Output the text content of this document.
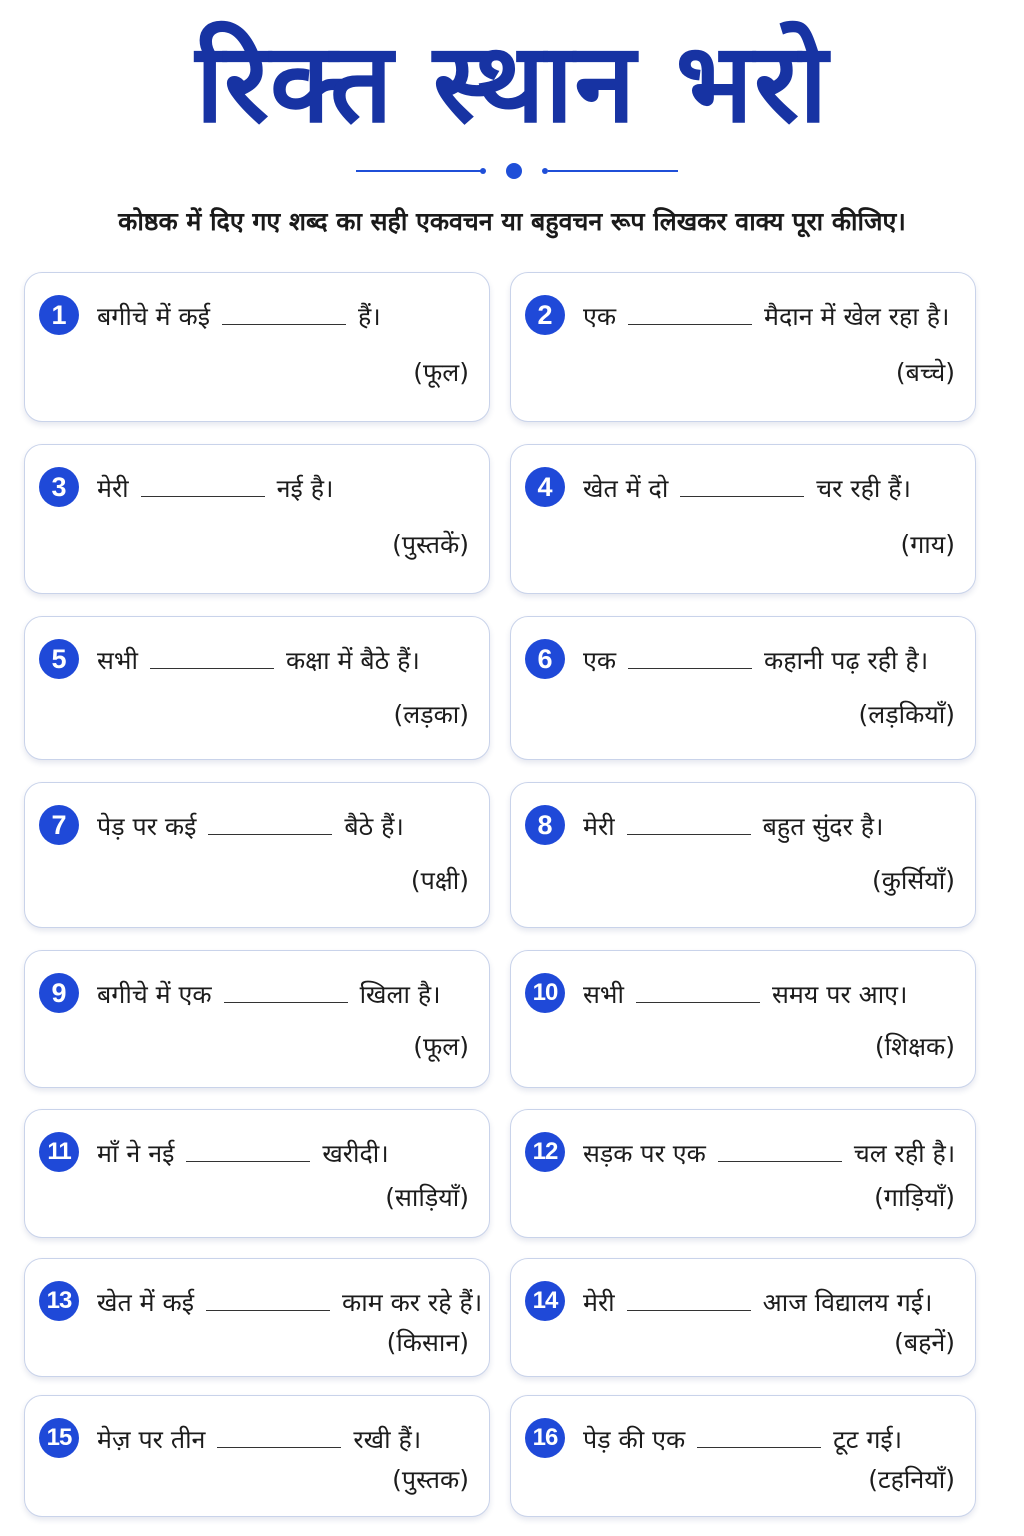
रिक्त स्थान भरो
कोष्ठक में दिए गए शब्द का सही एकवचन या बहुवचन रूप लिखकर वाक्य पूरा कीजिए।
1	बगीचे में कई	हैं।
(फूल)
2	एक	मैदान में खेल रहा है।
(बच्चे)
3	मेरी	नई है।
(पुस्तकें)
4	खेत में दो	चर रही हैं।
(गाय)
5	सभी	कक्षा में बैठे हैं।
(लड़का)
6	एक	कहानी पढ़ रही है।
(लड़कियाँ)
7	पेड़ पर कई	बैठे हैं।
(पक्षी)
8	मेरी	बहुत सुंदर है।
(कुर्सियाँ)
9	बगीचे में एक	खिला है।
(फूल)
10	सभी	समय पर आए।
(शिक्षक)
11	माँ ने नई	खरीदी।
(साड़ियाँ)
12	सड़क पर एक	चल रही है।
(गाड़ियाँ)
13	खेत में कई	काम कर रहे हैं।
(किसान)
14	मेरी	आज विद्यालय गई।
(बहनें)
15	मेज़ पर तीन	रखी हैं।
(पुस्तक)
16	पेड़ की एक	टूट गई।
(टहनियाँ)
